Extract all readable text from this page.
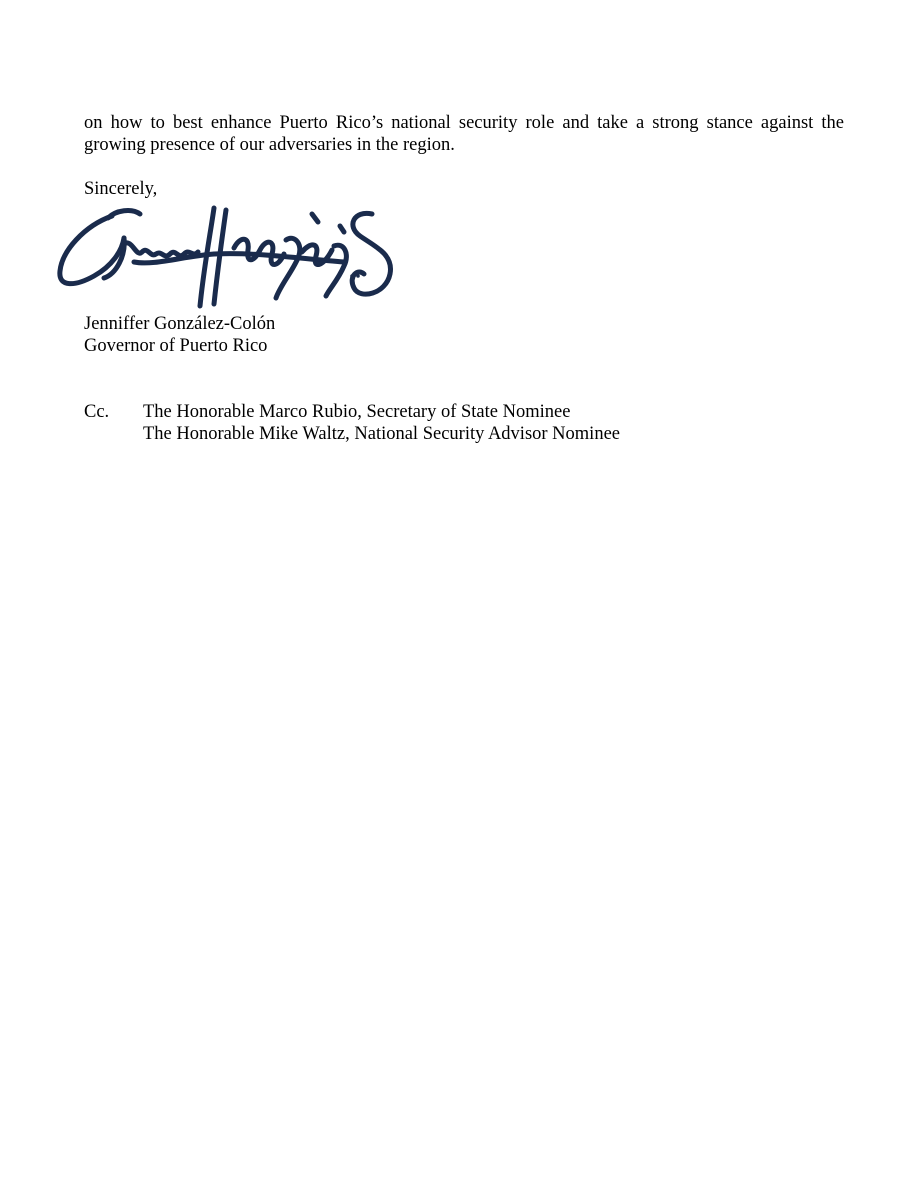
on how to best enhance Puerto Rico’s national security role and take a strong stance against the
growing presence of our adversaries in the region.

Sincerely,

Jenniffer González-Colón
Governor of Puerto Rico
Cc. The Honorable Marco Rubio, Secretary of State Nominee
The Honorable Mike Waltz, National Security Advisor Nominee
